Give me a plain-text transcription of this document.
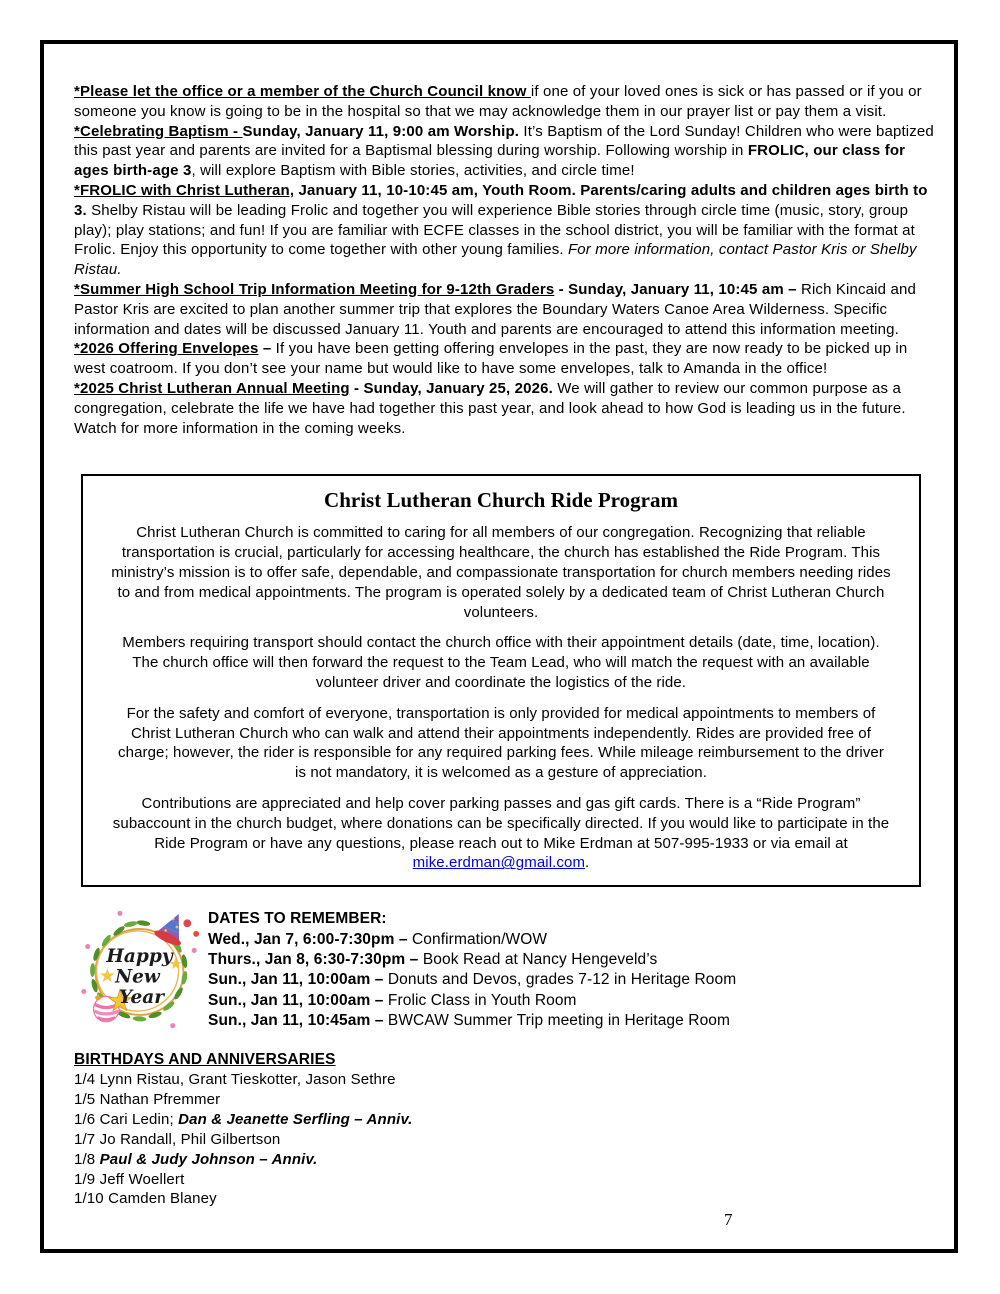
*Please let the office or a member of the Church Council know if one of your loved ones is sick or has passed or if you or someone you know is going to be in the hospital so that we may acknowledge them in our prayer list or pay them a visit.

*Celebrating Baptism - Sunday, January 11, 9:00 am Worship. It’s Baptism of the Lord Sunday! Children who were baptized this past year and parents are invited for a Baptismal blessing during worship. Following worship in FROLIC, our class for ages birth-age 3, will explore Baptism with Bible stories, activities, and circle time!

*FROLIC with Christ Lutheran, January 11, 10-10:45 am, Youth Room. Parents/caring adults and children ages birth to 3. Shelby Ristau will be leading Frolic and together you will experience Bible stories through circle time (music, story, group play); play stations; and fun! If you are familiar with ECFE classes in the school district, you will be familiar with the format at Frolic. Enjoy this opportunity to come together with other young families. For more information, contact Pastor Kris or Shelby Ristau.

*Summer High School Trip Information Meeting for 9-12th Graders - Sunday, January 11, 10:45 am – Rich Kincaid and Pastor Kris are excited to plan another summer trip that explores the Boundary Waters Canoe Area Wilderness. Specific information and dates will be discussed January 11. Youth and parents are encouraged to attend this information meeting.

*2026 Offering Envelopes – If you have been getting offering envelopes in the past, they are now ready to be picked up in west coatroom. If you don’t see your name but would like to have some envelopes, talk to Amanda in the office!

*2025 Christ Lutheran Annual Meeting - Sunday, January 25, 2026. We will gather to review our common purpose as a congregation, celebrate the life we have had together this past year, and look ahead to how God is leading us in the future. Watch for more information in the coming weeks.

Christ Lutheran Church Ride Program

Christ Lutheran Church is committed to caring for all members of our congregation. Recognizing that reliable transportation is crucial, particularly for accessing healthcare, the church has established the Ride Program. This ministry’s mission is to offer safe, dependable, and compassionate transportation for church members needing rides to and from medical appointments. The program is operated solely by a dedicated team of Christ Lutheran Church volunteers.

Members requiring transport should contact the church office with their appointment details (date, time, location). The church office will then forward the request to the Team Lead, who will match the request with an available volunteer driver and coordinate the logistics of the ride.

For the safety and comfort of everyone, transportation is only provided for medical appointments to members of Christ Lutheran Church who can walk and attend their appointments independently. Rides are provided free of charge; however, the rider is responsible for any required parking fees. While mileage reimbursement to the driver is not mandatory, it is welcomed as a gesture of appreciation.

Contributions are appreciated and help cover parking passes and gas gift cards. There is a “Ride Program” subaccount in the church budget, where donations can be specifically directed. If you would like to participate in the Ride Program or have any questions, please reach out to Mike Erdman at 507-995-1933 or via email at mike.erdman@gmail.com.

Happy
New
Year
DATES TO REMEMBER:
Wed., Jan 7, 6:00-7:30pm – Confirmation/WOW
Thurs., Jan 8, 6:30-7:30pm – Book Read at Nancy Hengeveld’s
Sun., Jan 11, 10:00am – Donuts and Devos, grades 7-12 in Heritage Room
Sun., Jan 11, 10:00am – Frolic Class in Youth Room
Sun., Jan 11, 10:45am – BWCAW Summer Trip meeting in Heritage Room
BIRTHDAYS AND ANNIVERSARIES
1/4 Lynn Ristau, Grant Tieskotter, Jason Sethre
1/5 Nathan Pfremmer
1/6 Cari Ledin; Dan & Jeanette Serfling – Anniv.
1/7 Jo Randall, Phil Gilbertson
1/8 Paul & Judy Johnson – Anniv.
1/9 Jeff Woellert
1/10 Camden Blaney
7
